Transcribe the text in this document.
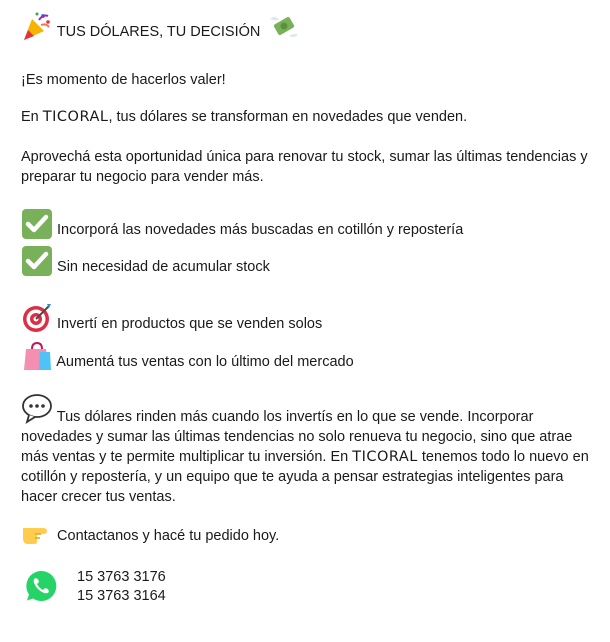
TUS DÓLARES, TU DECISIÓN
¡Es momento de hacerlos valer!
En TICORAL, tus dólares se transforman en novedades que venden.
Aprovechá esta oportunidad única para renovar tu stock, sumar las últimas tendencias y preparar tu negocio para vender más.
Incorporá las novedades más buscadas en cotillón y repostería
Sin necesidad de acumular stock
Invertí en productos que se venden solos
Aumentá tus ventas con lo último del mercado
Tus dólares rinden más cuando los invertís en lo que se vende. Incorporar novedades y sumar las últimas tendencias no solo renueva tu negocio, sino que atrae más ventas y te permite multiplicar tu inversión. En TICORAL tenemos todo lo nuevo en cotillón y repostería, y un equipo que te ayuda a pensar estrategias inteligentes para hacer crecer tus ventas.
Contactanos y hacé tu pedido hoy.
15 3763 3176
15 3763 3164
